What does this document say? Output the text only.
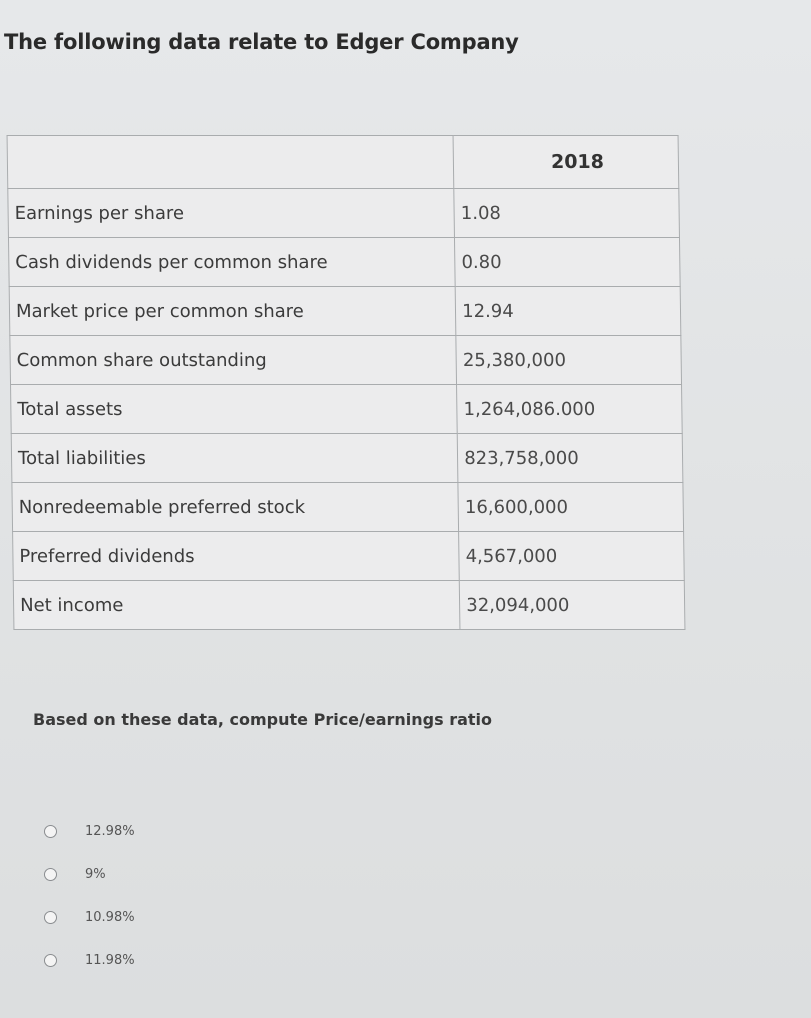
The following data relate to Edger Company
	2018
Earnings per share	1.08
Cash dividends per common share	0.80
Market price per common share	12.94
Common share outstanding	25,380,000
Total assets	1,264,086.000
Total liabilities	823,758,000
Nonredeemable preferred stock	16,600,000
Preferred dividends	4,567,000
Net income	32,094,000
Based on these data, compute Price/earnings ratio
12.98%
9%
10.98%
11.98%
